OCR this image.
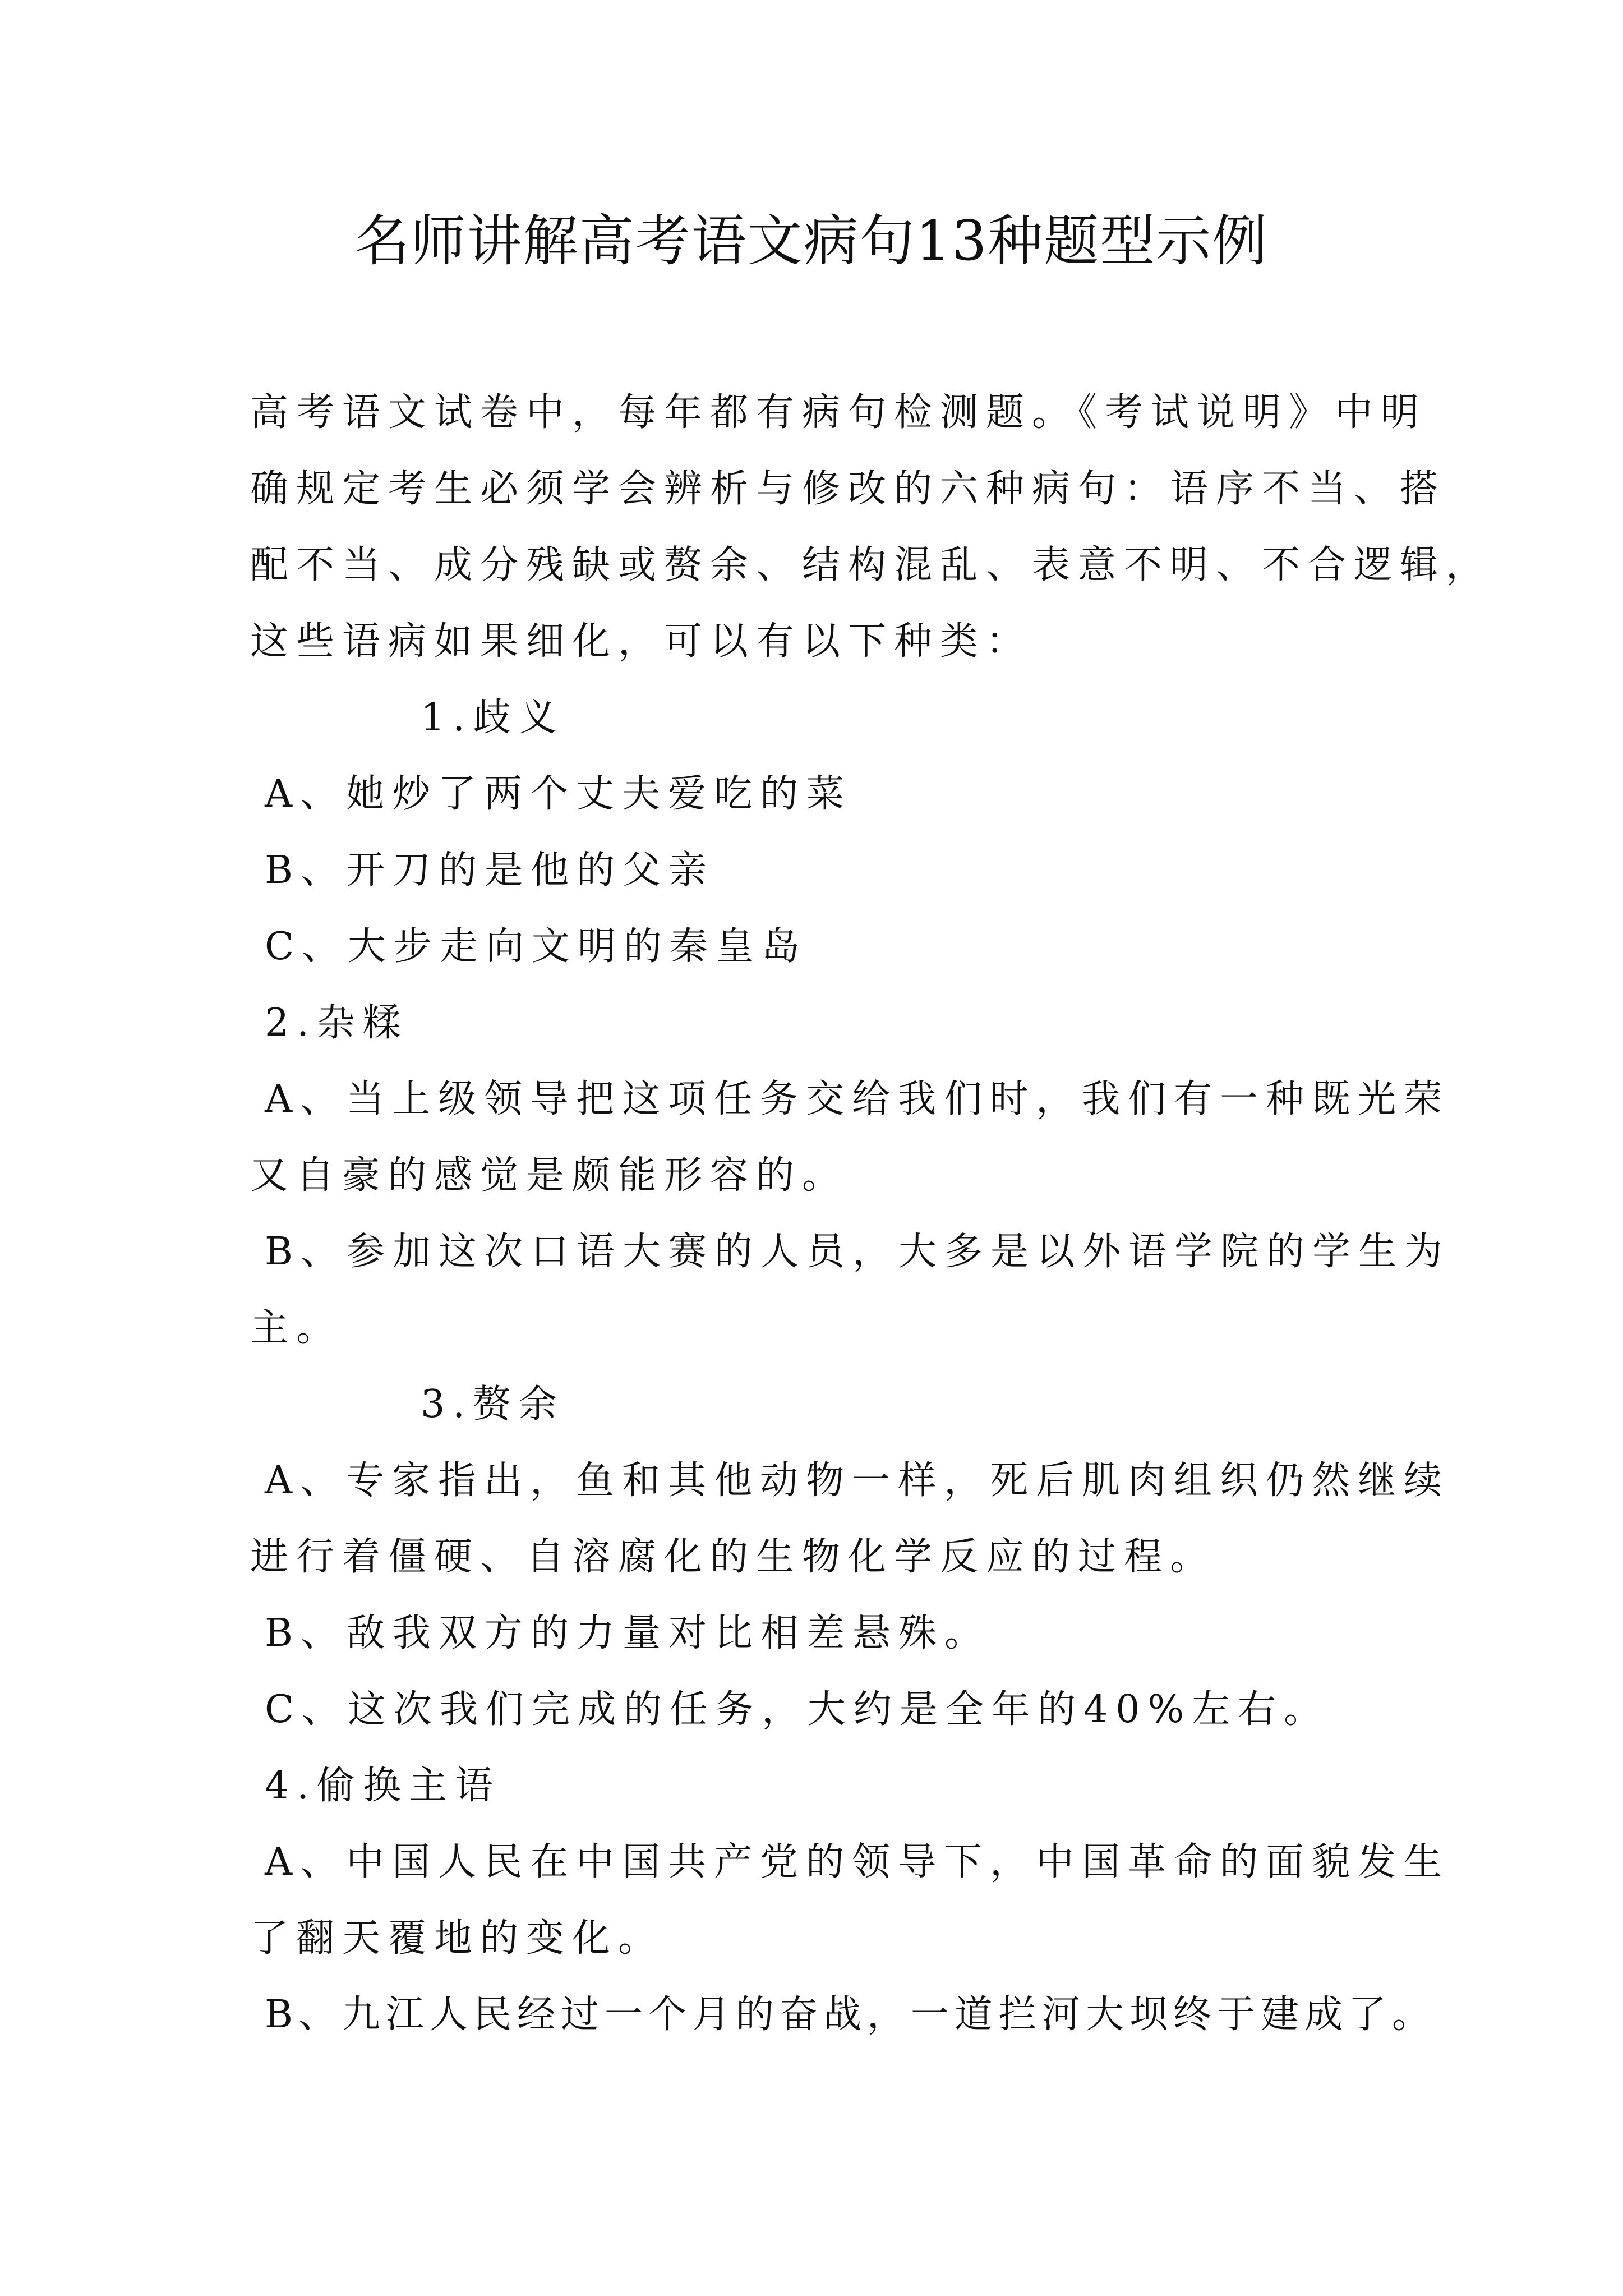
名师讲解高考语文病句13种题型示例
高考语文试卷中，每年都有病句检测题。《考试说明》中明
确规定考生必须学会辨析与修改的六种病句：语序不当、搭
配不当、成分残缺或赘余、结构混乱、表意不明、不合逻辑，
这些语病如果细化，可以有以下种类：
1.歧义
A、她炒了两个丈夫爱吃的菜
B、开刀的是他的父亲
C、大步走向文明的秦皇岛
2.杂糅
A、当上级领导把这项任务交给我们时，我们有一种既光荣
又自豪的感觉是颇能形容的。
B、参加这次口语大赛的人员，大多是以外语学院的学生为
主。
3.赘余
A、专家指出，鱼和其他动物一样，死后肌肉组织仍然继续
进行着僵硬、自溶腐化的生物化学反应的过程。
B、敌我双方的力量对比相差悬殊。
C、这次我们完成的任务，大约是全年的40%左右。
4.偷换主语
A、中国人民在中国共产党的领导下，中国革命的面貌发生
了翻天覆地的变化。
B、九江人民经过一个月的奋战，一道拦河大坝终于建成了。
